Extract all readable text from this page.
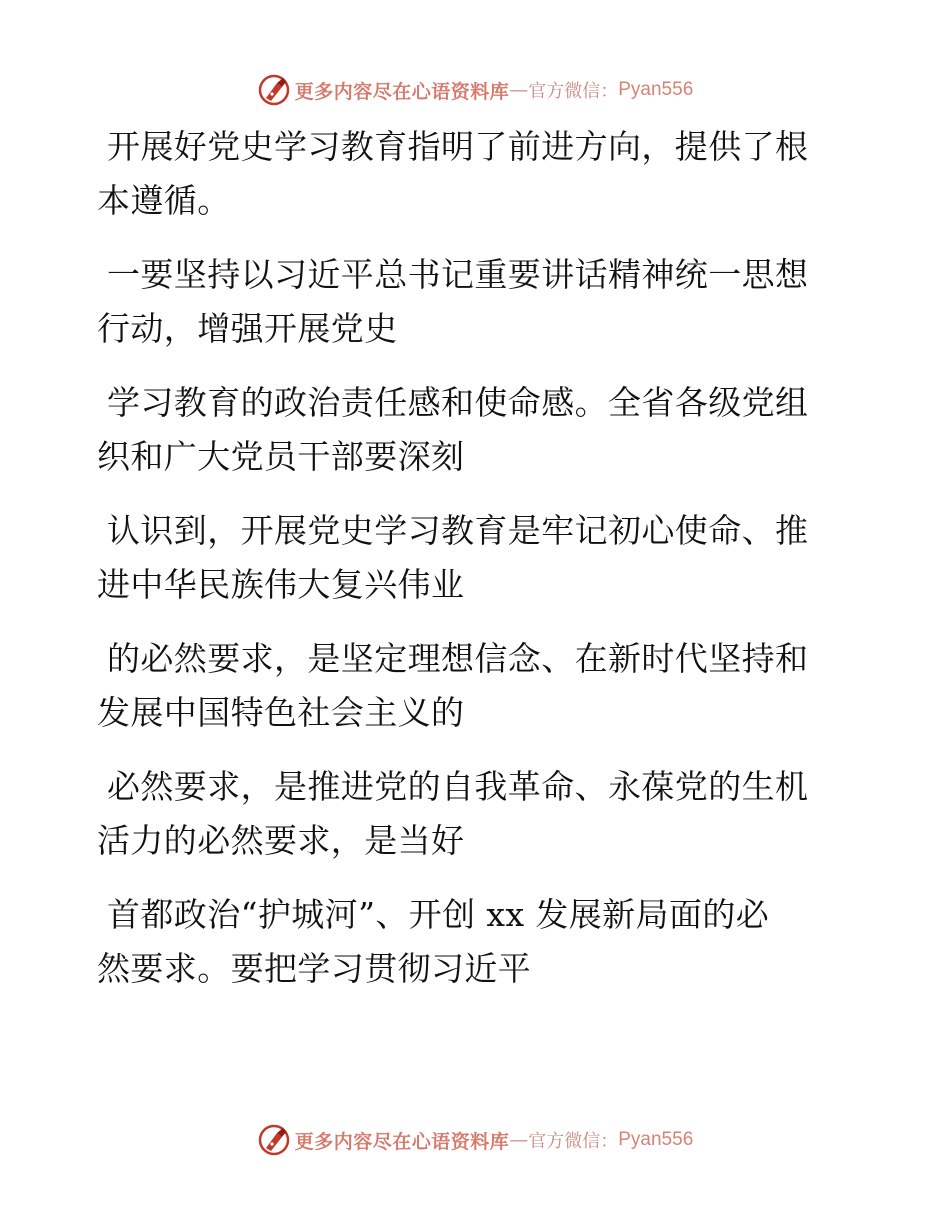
更多内容尽在心语资料库 — 官方微信： Pyan556
开展好党史学习教育指明了前进方向，提供了根
本遵循。
一要坚持以习近平总书记重要讲话精神统一思想
行动，增强开展党史
学习教育的政治责任感和使命感。全省各级党组
织和广大党员干部要深刻
认识到，开展党史学习教育是牢记初心使命、推
进中华民族伟大复兴伟业
的必然要求，是坚定理想信念、在新时代坚持和
发展中国特色社会主义的
必然要求，是推进党的自我革命、永葆党的生机
活力的必然要求，是当好
首都政治“护城河”、开创 xx 发展新局面的必
然要求。要把学习贯彻习近平
更多内容尽在心语资料库 — 官方微信： Pyan556
